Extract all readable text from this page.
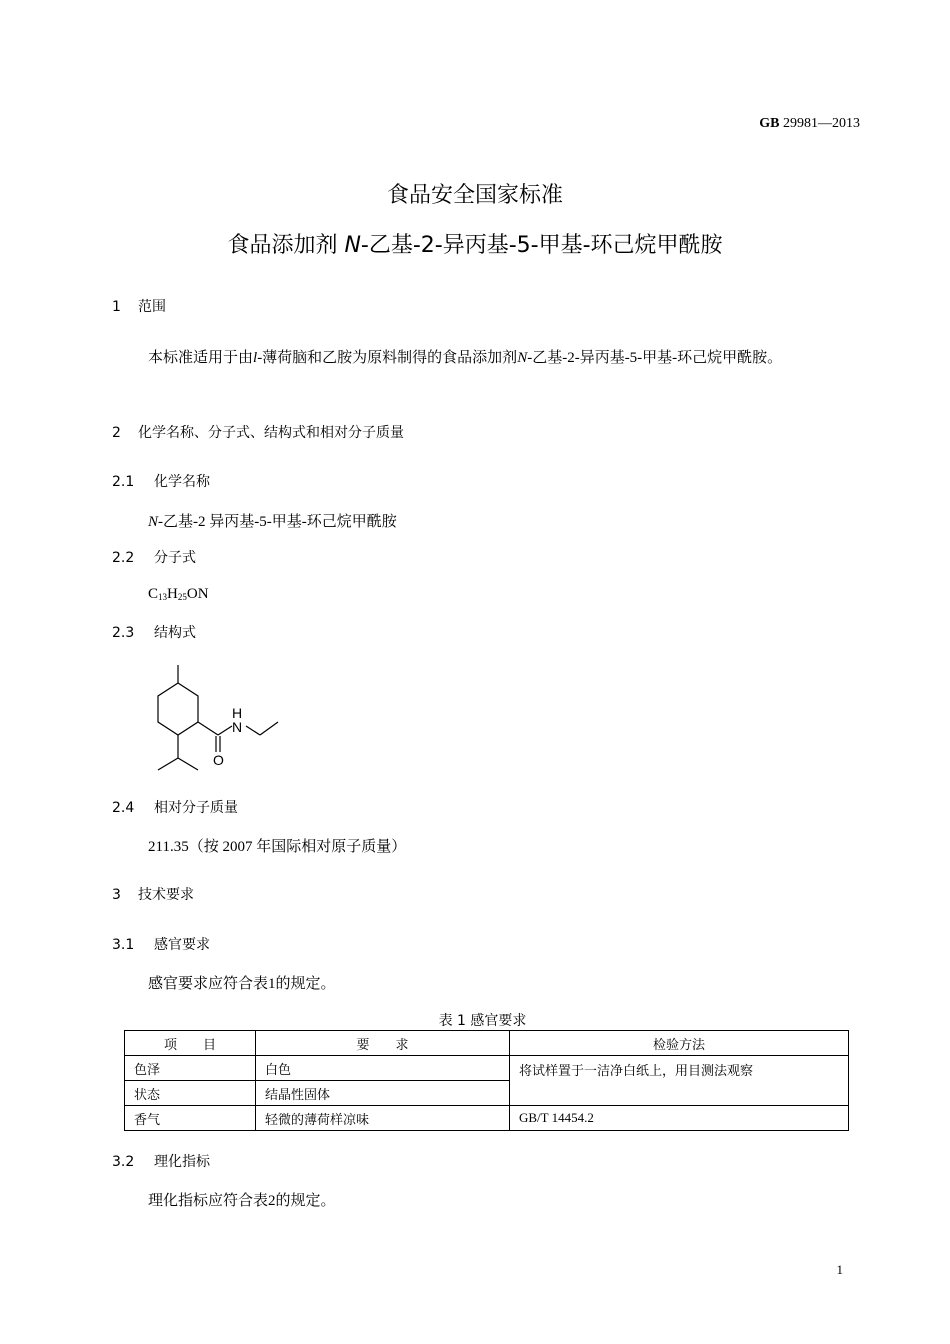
GB 29981—2013
食品安全国家标准
食品添加剂 N-乙基-2-异丙基-5-甲基-环己烷甲酰胺
1 范围
本标准适用于由l-薄荷脑和乙胺为原料制得的食品添加剂N-乙基-2-异丙基-5-甲基-环己烷甲酰胺。
2 化学名称、分子式、结构式和相对分子质量
2.1 化学名称
N-乙基-2 异丙基-5-甲基-环己烷甲酰胺
2.2 分子式
$C_{13}H_{25}ON$
2.3 结构式
H
N
O
2.4 相对分子质量
211.35（按 2007 年国际相对原子质量）
3 技术要求
3.1 感官要求
感官要求应符合表1的规定。
表 1 感官要求
项　　目	要　　求	检验方法
色泽	白色	将试样置于一洁净白纸上，用目测法观察
状态	结晶性固体	
香气	轻微的薄荷样凉味	GB/T 14454.2
3.2 理化指标
理化指标应符合表2的规定。
1
